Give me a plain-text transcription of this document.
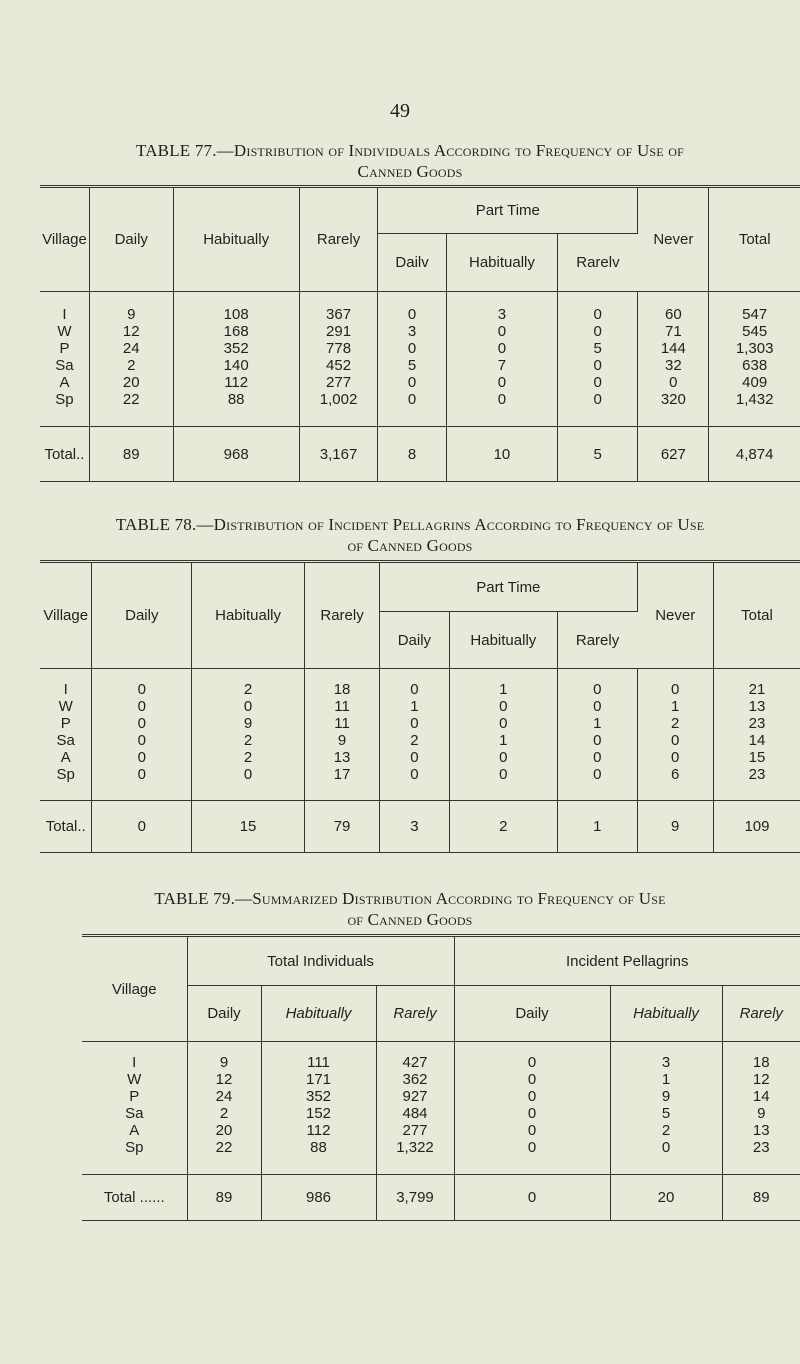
49
TABLE 77.—Distribution of Individuals According to Frequency of Use of
Canned Goods
Village	Daily	Habitually	Rarely	Part Time			Never	Total
				Dailv	Habitually	Rarelv		
I	9	108	367	0	3	0	60	547
W	12	168	291	3	0	0	71	545
P	24	352	778	0	0	5	144	1,303
Sa	2	140	452	5	7	0	32	638
A	20	112	277	0	0	0	0	409
Sp	22	88	1,002	0	0	0	320	1,432
Total..	89	968	3,167	8	10	5	627	4,874
TABLE 78.—Distribution of Incident Pellagrins According to Frequency of Use
of Canned Goods
Village	Daily	Habitually	Rarely	Part Time			Never	Total
				Daily	Habitually	Rarely		
I	0	2	18	0	1	0	0	21
W	0	0	11	1	0	0	1	13
P	0	9	11	0	0	1	2	23
Sa	0	2	9	2	1	0	0	14
A	0	2	13	0	0	0	0	15
Sp	0	0	17	0	0	0	6	23
Total..	0	15	79	3	2	1	9	109
TABLE 79.—Summarized Distribution According to Frequency of Use
of Canned Goods
Village	Total Individuals			Incident Pellagrins		
	Daily	Habitually	Rarely	Daily	Habitually	Rarely
I	9	111	427	0	3	18
W	12	171	362	0	1	12
P	24	352	927	0	9	14
Sa	2	152	484	0	5	9
A	20	112	277	0	2	13
Sp	22	88	1,322	0	0	23
Total ......	89	986	3,799	0	20	89
